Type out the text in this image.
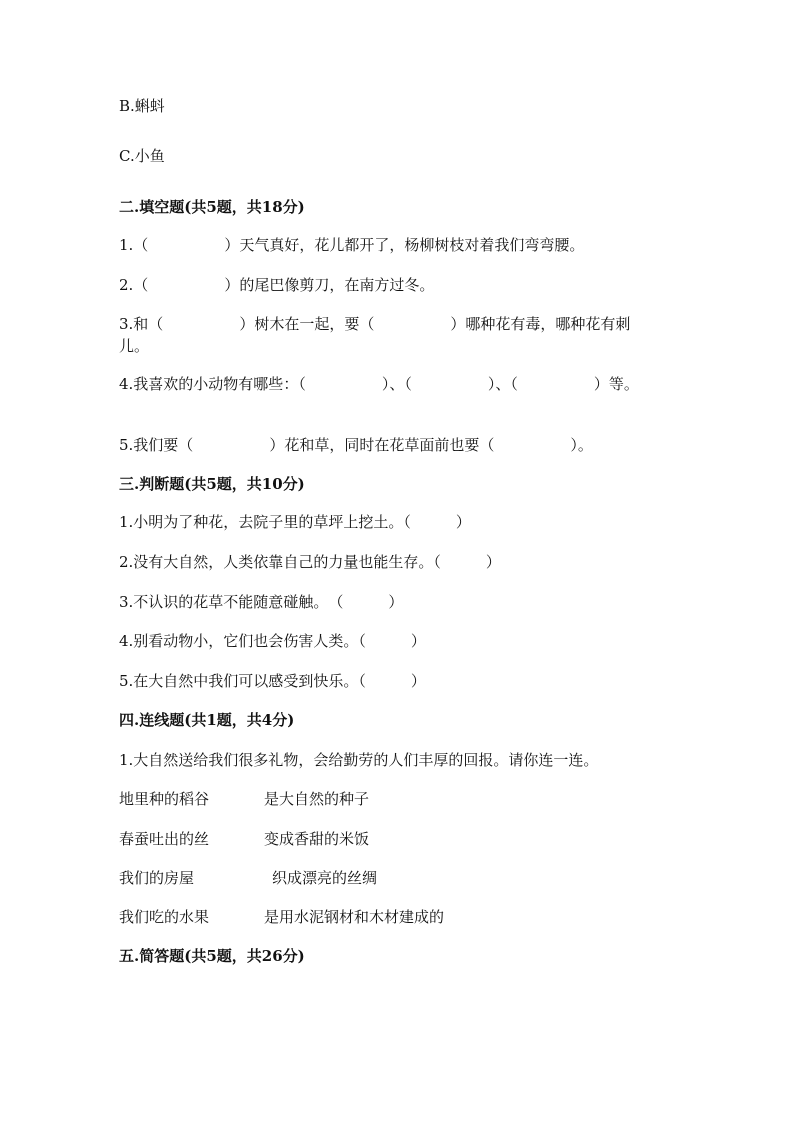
B.蝌蚪
C.小鱼
二.填空题(共5题，共18分)
1.（	）天气真好，花儿都开了，杨柳树枝对着我们弯弯腰。
2.（	）的尾巴像剪刀，在南方过冬。
3.和（	）树木在一起，要（	）哪种花有毒，哪种花有刺儿。
4.我喜欢的小动物有哪些：（	）、（	）、（	）等。
5.我们要（	）花和草，同时在花草面前也要（	）。
三.判断题(共5题，共10分)
1.小明为了种花，去院子里的草坪上挖土。（　　　）
2.没有大自然，人类依靠自己的力量也能生存。（　　　）
3.不认识的花草不能随意碰触。　（　　　）
4.别看动物小，它们也会伤害人类。（　　　）
5.在大自然中我们可以感受到快乐。（　　　）
四.连线题(共1题，共4分)
1.大自然送给我们很多礼物，会给勤劳的人们丰厚的回报。请你连一连。
地里种的稻谷	是大自然的种子
春蚕吐出的丝	变成香甜的米饭
我们的房屋	织成漂亮的丝绸
我们吃的水果	是用水泥钢材和木材建成的
五.简答题(共5题，共26分)
